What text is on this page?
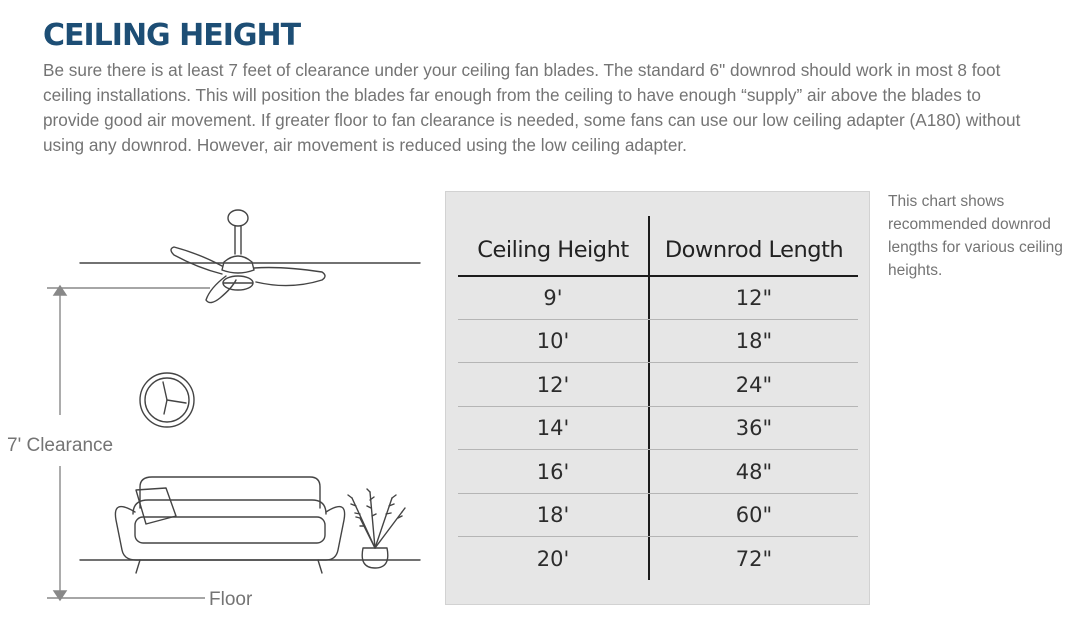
CEILING HEIGHT

Be sure there is at least 7 feet of clearance under your ceiling fan blades. The standard 6" downrod should work in most 8 foot ceiling installations. This will position the blades far enough from the ceiling to have enough “supply” air above the blades to provide good air movement. If greater floor to fan clearance is needed, some fans can use our low ceiling adapter (A180) without using any downrod. However, air movement is reduced using the low ceiling adapter.

7' Clearance
Floor
Ceiling Height	Downrod Length
9'	12"
10'	18"
12'	24"
14'	36"
16'	48"
18'	60"
20'	72"

This chart shows recommended downrod lengths for various ceiling heights.
